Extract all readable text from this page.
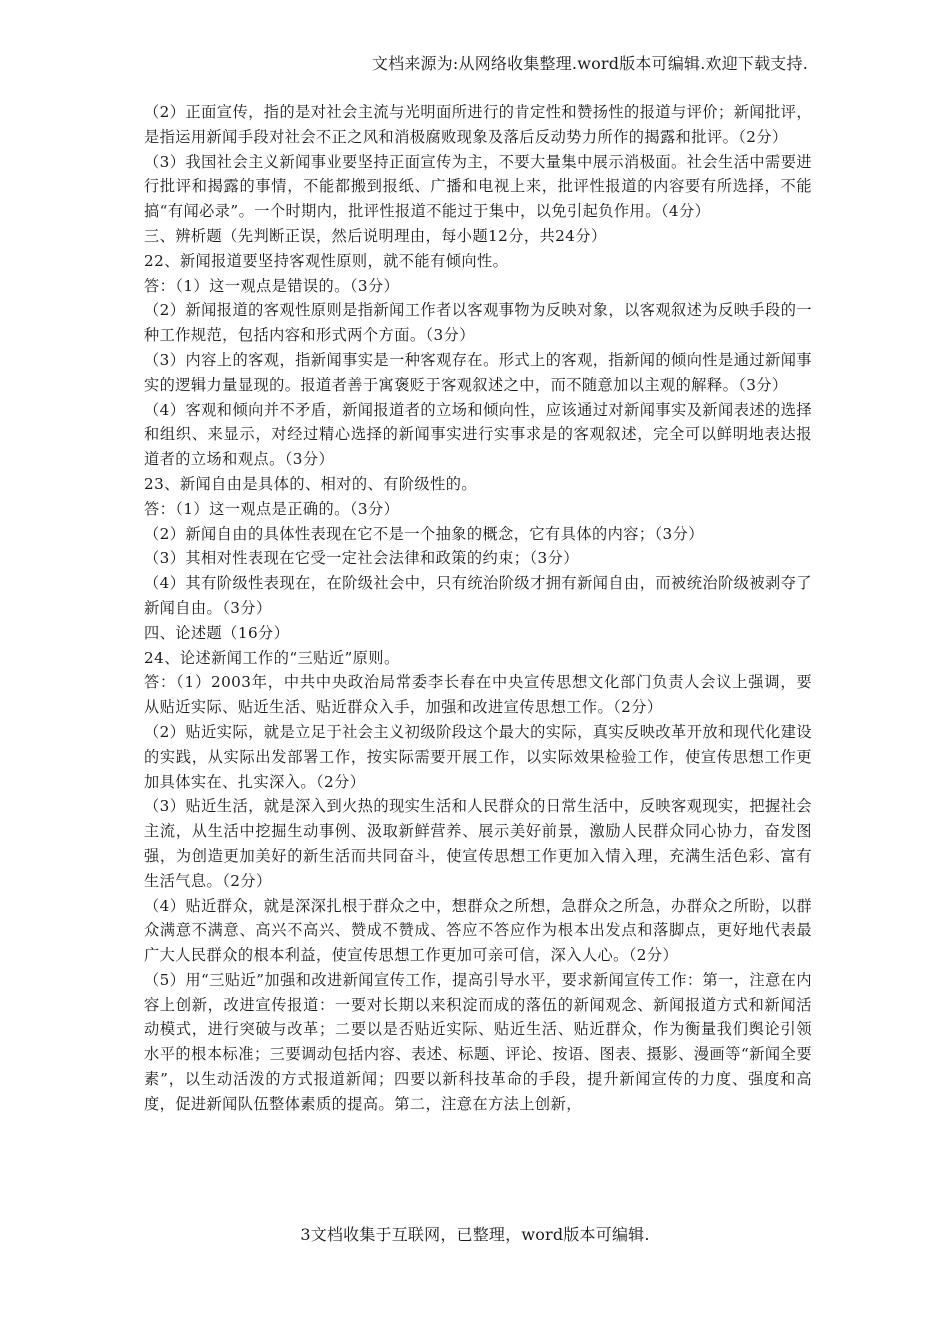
文档来源为:从网络收集整理.word版本可编辑.欢迎下载支持.

（2）正面宣传，指的是对社会主流与光明面所进行的肯定性和赞扬性的报道与评价；新闻批评，是指运用新闻手段对社会不正之风和消极腐败现象及落后反动势力所作的揭露和批评。（2分）

（3）我国社会主义新闻事业要坚持正面宣传为主，不要大量集中展示消极面。社会生活中需要进行批评和揭露的事情，不能都搬到报纸、广播和电视上来，批评性报道的内容要有所选择，不能搞“有闻必录”。一个时期内，批评性报道不能过于集中，以免引起负作用。（4分）

三、辨析题（先判断正误，然后说明理由，每小题12分，共24分）

22、新闻报道要坚持客观性原则，就不能有倾向性。

答：（1）这一观点是错误的。（3分）

（2）新闻报道的客观性原则是指新闻工作者以客观事物为反映对象，以客观叙述为反映手段的一种工作规范，包括内容和形式两个方面。（3分）

（3）内容上的客观，指新闻事实是一种客观存在。形式上的客观，指新闻的倾向性是通过新闻事实的逻辑力量显现的。报道者善于寓褒贬于客观叙述之中，而不随意加以主观的解释。（3分）

（4）客观和倾向并不矛盾，新闻报道者的立场和倾向性，应该通过对新闻事实及新闻表述的选择和组织、来显示，对经过精心选择的新闻事实进行实事求是的客观叙述，完全可以鲜明地表达报道者的立场和观点。（3分）

23、新闻自由是具体的、相对的、有阶级性的。

答：（1）这一观点是正确的。（3分）

（2）新闻自由的具体性表现在它不是一个抽象的概念，它有具体的内容；（3分）

（3）其相对性表现在它受一定社会法律和政策的约束；（3分）

（4）其有阶级性表现在，在阶级社会中，只有统治阶级才拥有新闻自由，而被统治阶级被剥夺了新闻自由。（3分）

四、论述题（16分）

24、论述新闻工作的“三贴近”原则。

答：（1）2003年，中共中央政治局常委李长春在中央宣传思想文化部门负责人会议上强调，要从贴近实际、贴近生活、贴近群众入手，加强和改进宣传思想工作。（2分）

（2）贴近实际，就是立足于社会主义初级阶段这个最大的实际，真实反映改革开放和现代化建设的实践，从实际出发部署工作，按实际需要开展工作，以实际效果检验工作，使宣传思想工作更加具体实在、扎实深入。（2分）

（3）贴近生活，就是深入到火热的现实生活和人民群众的日常生活中，反映客观现实，把握社会主流，从生活中挖掘生动事例、汲取新鲜营养、展示美好前景，激励人民群众同心协力，奋发图强，为创造更加美好的新生活而共同奋斗，使宣传思想工作更加入情入理，充满生活色彩、富有生活气息。（2分）

（4）贴近群众，就是深深扎根于群众之中，想群众之所想，急群众之所急，办群众之所盼，以群众满意不满意、高兴不高兴、赞成不赞成、答应不答应作为根本出发点和落脚点，更好地代表最广大人民群众的根本利益，使宣传思想工作更加可亲可信，深入人心。（2分）

（5）用“三贴近”加强和改进新闻宣传工作，提高引导水平，要求新闻宣传工作：第一，注意在内容上创新，改进宣传报道：一要对长期以来积淀而成的落伍的新闻观念、新闻报道方式和新闻活动模式，进行突破与改革；二要以是否贴近实际、贴近生活、贴近群众，作为衡量我们舆论引领水平的根本标准；三要调动包括内容、表述、标题、评论、按语、图表、摄影、漫画等“新闻全要素”，以生动活泼的方式报道新闻；四要以新科技革命的手段，提升新闻宣传的力度、强度和高度，促进新闻队伍整体素质的提高。第二，注意在方法上创新，

3文档收集于互联网，已整理，word版本可编辑.
